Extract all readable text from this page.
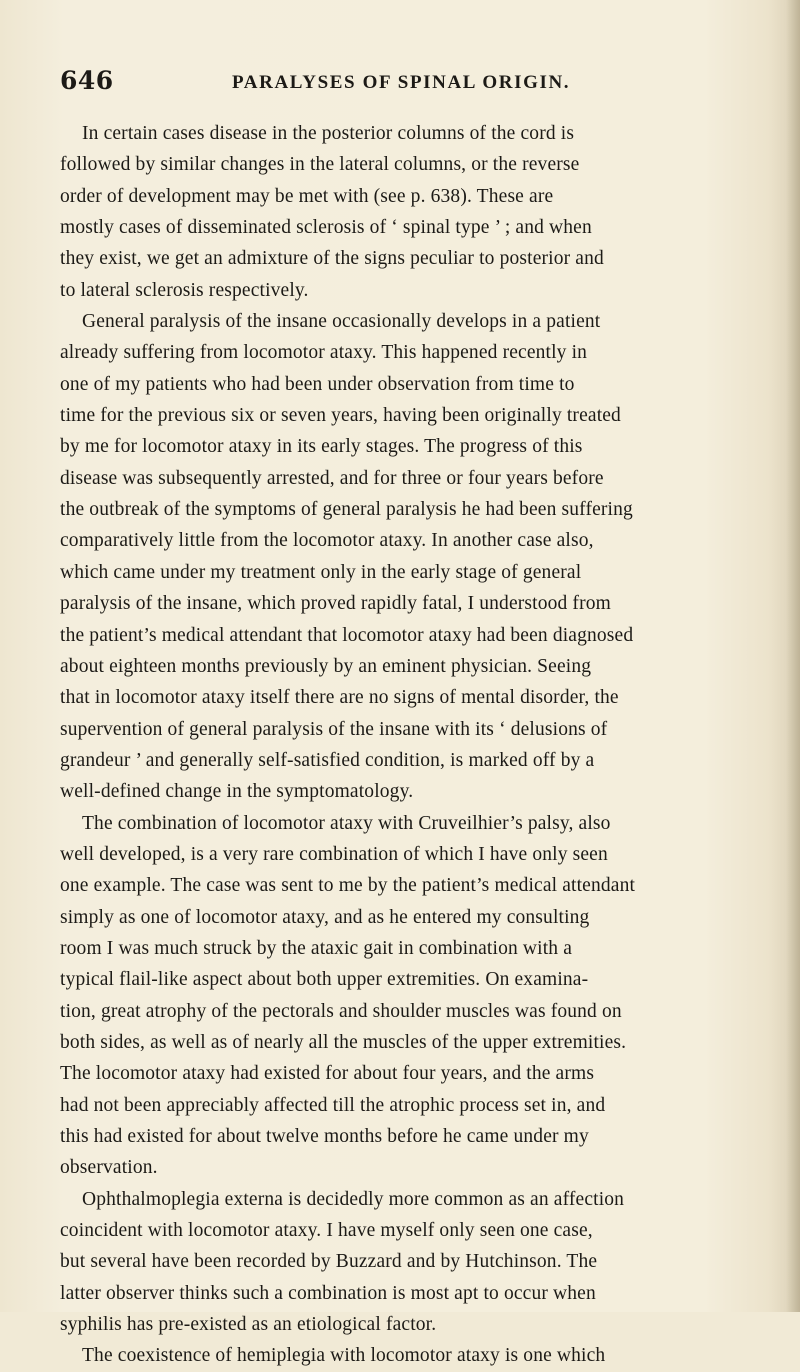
646	PARALYSES OF SPINAL ORIGIN.
In certain cases disease in the posterior columns of the cord is
followed by similar changes in the lateral columns, or the reverse
order of development may be met with (see p. 638). These are
mostly cases of disseminated sclerosis of ‘ spinal type ’ ; and when
they exist, we get an admixture of the signs peculiar to posterior and
to lateral sclerosis respectively.
General paralysis of the insane occasionally develops in a patient
already suffering from locomotor ataxy. This happened recently in
one of my patients who had been under observation from time to
time for the previous six or seven years, having been originally treated
by me for locomotor ataxy in its early stages. The progress of this
disease was subsequently arrested, and for three or four years before
the outbreak of the symptoms of general paralysis he had been suffering
comparatively little from the locomotor ataxy. In another case also,
which came under my treatment only in the early stage of general
paralysis of the insane, which proved rapidly fatal, I understood from
the patient’s medical attendant that locomotor ataxy had been diagnosed
about eighteen months previously by an eminent physician. Seeing
that in locomotor ataxy itself there are no signs of mental disorder, the
supervention of general paralysis of the insane with its ‘ delusions of
grandeur ’ and generally self-satisfied condition, is marked off by a
well-defined change in the symptomatology.
The combination of locomotor ataxy with Cruveilhier’s palsy, also
well developed, is a very rare combination of which I have only seen
one example. The case was sent to me by the patient’s medical attendant
simply as one of locomotor ataxy, and as he entered my consulting
room I was much struck by the ataxic gait in combination with a
typical flail-like aspect about both upper extremities. On examina-
tion, great atrophy of the pectorals and shoulder muscles was found on
both sides, as well as of nearly all the muscles of the upper extremities.
The locomotor ataxy had existed for about four years, and the arms
had not been appreciably affected till the atrophic process set in, and
this had existed for about twelve months before he came under my
observation.
Ophthalmoplegia externa is decidedly more common as an affection
coincident with locomotor ataxy. I have myself only seen one case,
but several have been recorded by Buzzard and by Hutchinson. The
latter observer thinks such a combination is most apt to occur when
syphilis has pre-existed as an etiological factor.
The coexistence of hemiplegia with locomotor ataxy is one which
